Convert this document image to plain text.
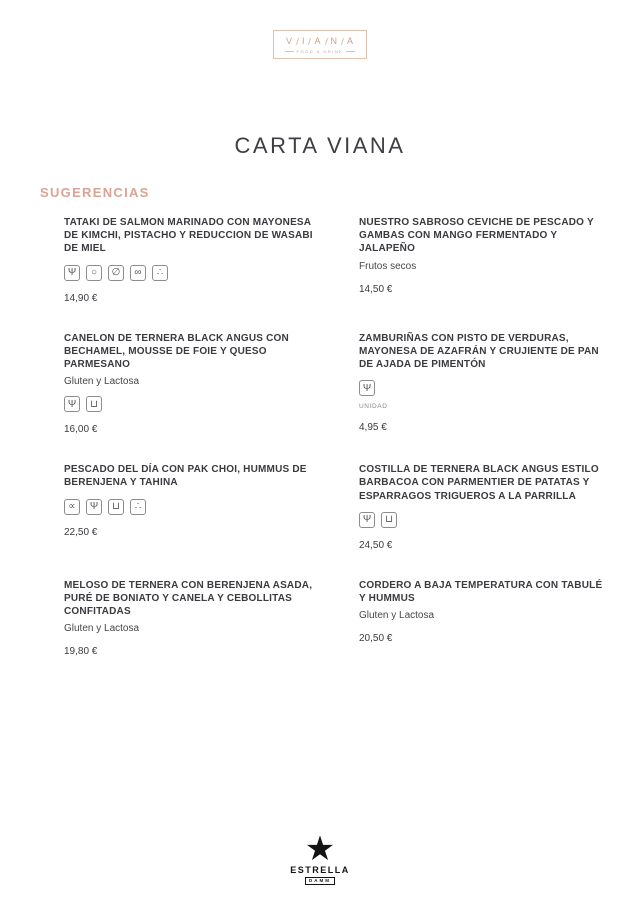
V I A N A
FOOD & DRINK
CARTA VIANA
SUGERENCIAS
TATAKI DE SALMON MARINADO CON MAYONESA DE KIMCHI, PISTACHO Y REDUCCION DE WASABI DE MIEL
Ψ	○	∅	∞	∴
14,90 €
NUESTRO SABROSO CEVICHE DE PESCADO Y GAMBAS CON MANGO FERMENTADO Y JALAPEÑO
Frutos secos
14,50 €
CANELON DE TERNERA BLACK ANGUS CON BECHAMEL, MOUSSE DE FOIE Y QUESO PARMESANO
Gluten y Lactosa
Ψ	⊔
16,00 €
ZAMBURIÑAS CON PISTO DE VERDURAS, MAYONESA DE AZAFRÁN Y CRUJIENTE DE PAN DE AJADA DE PIMENTÓN
Ψ
UNIDAD
4,95 €
PESCADO DEL DÍA CON PAK CHOI, HUMMUS DE BERENJENA Y TAHINA
∝	Ψ	⊔	∴
22,50 €
COSTILLA DE TERNERA BLACK ANGUS ESTILO BARBACOA CON PARMENTIER DE PATATAS Y ESPARRAGOS TRIGUEROS A LA PARRILLA
Ψ	⊔
24,50 €
MELOSO DE TERNERA CON BERENJENA ASADA, PURÉ DE BONIATO Y CANELA Y CEBOLLITAS CONFITADAS
Gluten y Lactosa
19,80 €
CORDERO A BAJA TEMPERATURA CON TABULÉ Y HUMMUS
Gluten y Lactosa
20,50 €
★
ESTRELLA
DAMM
